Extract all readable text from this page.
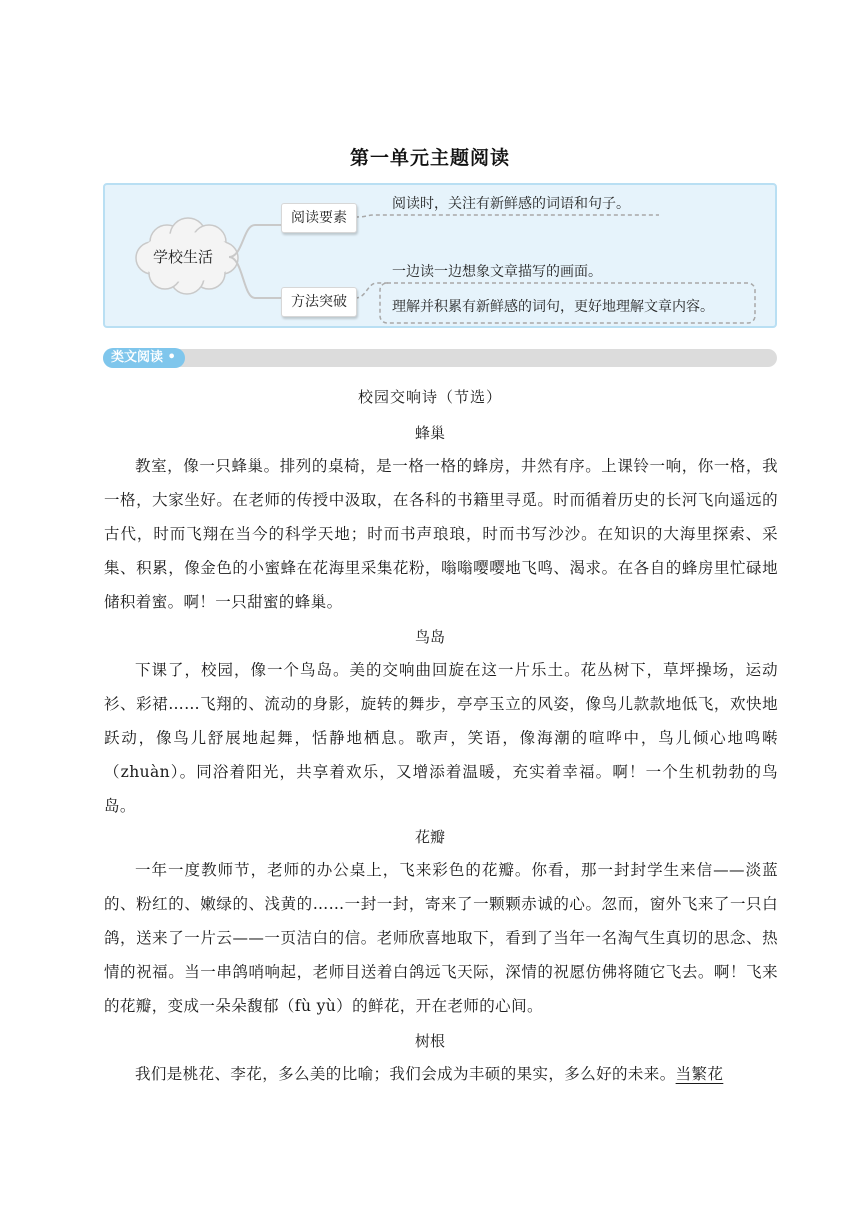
第一单元主题阅读
学校生活
阅读要素
方法突破
阅读时，关注有新鲜感的词语和句子。
一边读一边想象文章描写的画面。
理解并积累有新鲜感的词句，更好地理解文章内容。
类文阅读 •
校园交响诗（节选）
蜂巢

教室，像一只蜂巢。排列的桌椅，是一格一格的蜂房，井然有序。上课铃一响，你一格，我一格，大家坐好。在老师的传授中汲取，在各科的书籍里寻觅。时而循着历史的长河飞向遥远的古代，时而飞翔在当今的科学天地；时而书声琅琅，时而书写沙沙。在知识的大海里探索、采集、积累，像金色的小蜜蜂在花海里采集花粉，嗡嗡嘤嘤地飞鸣、渴求。在各自的蜂房里忙碌地储积着蜜。啊！一只甜蜜的蜂巢。

鸟岛

下课了，校园，像一个鸟岛。美的交响曲回旋在这一片乐土。花丛树下，草坪操场，运动衫、彩裙……飞翔的、流动的身影，旋转的舞步，亭亭玉立的风姿，像鸟儿款款地低飞，欢快地跃动，像鸟儿舒展地起舞，恬静地栖息。歌声，笑语，像海潮的喧哗中，鸟儿倾心地鸣啭（zhuàn）。同浴着阳光，共享着欢乐，又增添着温暖，充实着幸福。啊！一个生机勃勃的鸟岛。

花瓣

一年一度教师节，老师的办公桌上，飞来彩色的花瓣。你看，那一封封学生来信——淡蓝的、粉红的、嫩绿的、浅黄的……一封一封，寄来了一颗颗赤诚的心。忽而，窗外飞来了一只白鸽，送来了一片云——一页洁白的信。老师欣喜地取下，看到了当年一名淘气生真切的思念、热情的祝福。当一串鸽哨响起，老师目送着白鸽远飞天际，深情的祝愿仿佛将随它飞去。啊！飞来的花瓣，变成一朵朵馥郁（fù yù）的鲜花，开在老师的心间。

树根

我们是桃花、李花，多么美的比喻；我们会成为丰硕的果实，多么好的未来。当繁花
